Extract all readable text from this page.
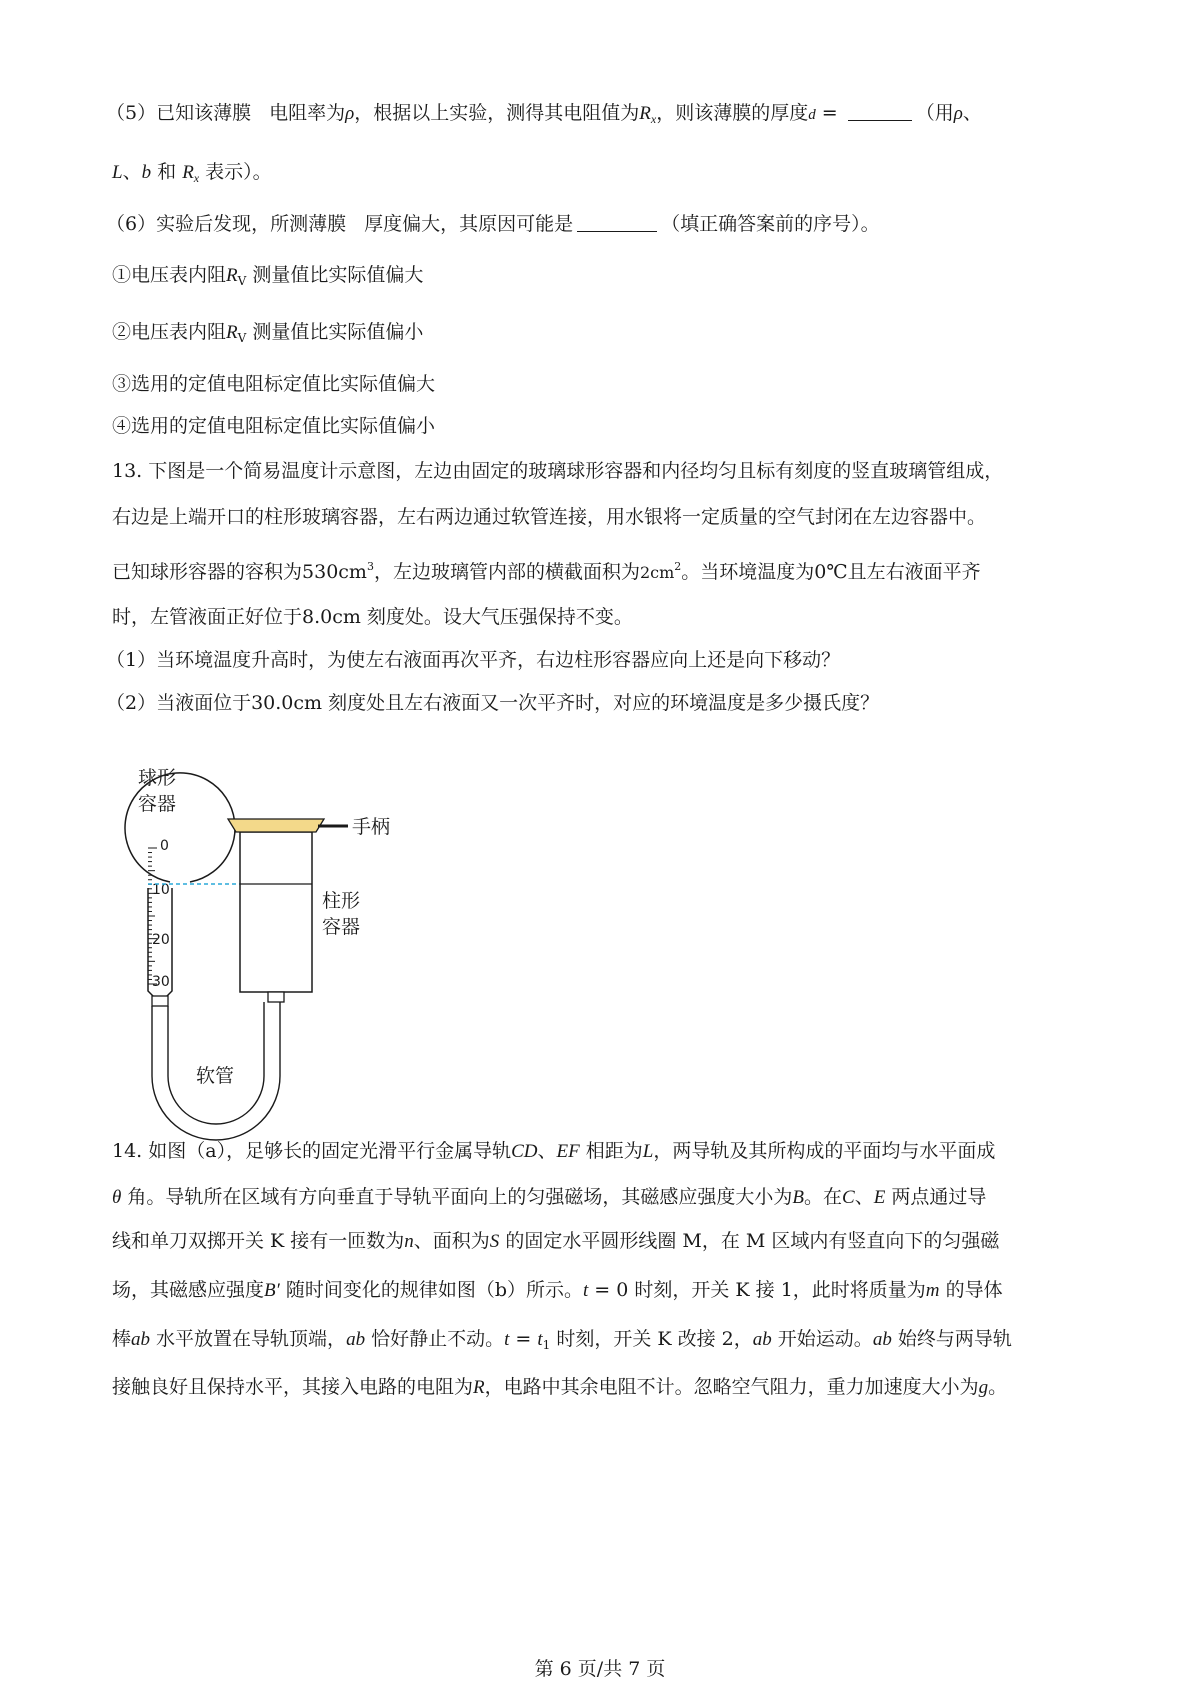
（5）已知该薄膜 电阻率为ρ，根据以上实验，测得其电阻值为$R_x$，则该薄膜的厚度d =	（用ρ、
L、b 和 $R_x$ 表示）。
（6）实验后发现，所测薄膜 厚度偏大，其原因可能是	（填正确答案前的序号）。
①电压表内阻$R_V$ 测量值比实际值偏大
②电压表内阻$R_V$ 测量值比实际值偏小
③选用的定值电阻标定值比实际值偏大
④选用的定值电阻标定值比实际值偏小
13. 下图是一个简易温度计示意图，左边由固定的玻璃球形容器和内径均匀且标有刻度的竖直玻璃管组成，
右边是上端开口的柱形玻璃容器，左右两边通过软管连接，用水银将一定质量的空气封闭在左边容器中。
已知球形容器的容积为$530cm^3$，左边玻璃管内部的横截面积为$2cm^2$。当环境温度为0℃且左右液面平齐
时，左管液面正好位于8.0cm 刻度处。设大气压强保持不变。
（1）当环境温度升高时，为使左右液面再次平齐，右边柱形容器应向上还是向下移动？
（2）当液面位于30.0cm 刻度处且左右液面又一次平齐时，对应的环境温度是多少摄氏度？
0
10
20
30
球形
容器
手柄
柱形
容器
软管
14. 如图（a），足够长的固定光滑平行金属导轨CD、EF 相距为L，两导轨及其所构成的平面均与水平面成
θ 角。导轨所在区域有方向垂直于导轨平面向上的匀强磁场，其磁感应强度大小为B。在C、E 两点通过导
线和单刀双掷开关 K 接有一匝数为n、面积为S 的固定水平圆形线圈 M，在 M 区域内有竖直向下的匀强磁
场，其磁感应强度B′ 随时间变化的规律如图（b）所示。t = 0 时刻，开关 K 接 1，此时将质量为m 的导体
棒ab 水平放置在导轨顶端，ab 恰好静止不动。$t = t_1$ 时刻，开关 K 改接 2，ab 开始运动。ab 始终与两导轨
接触良好且保持水平，其接入电路的电阻为R，电路中其余电阻不计。忽略空气阻力，重力加速度大小为g。
第 6 页/共 7 页
